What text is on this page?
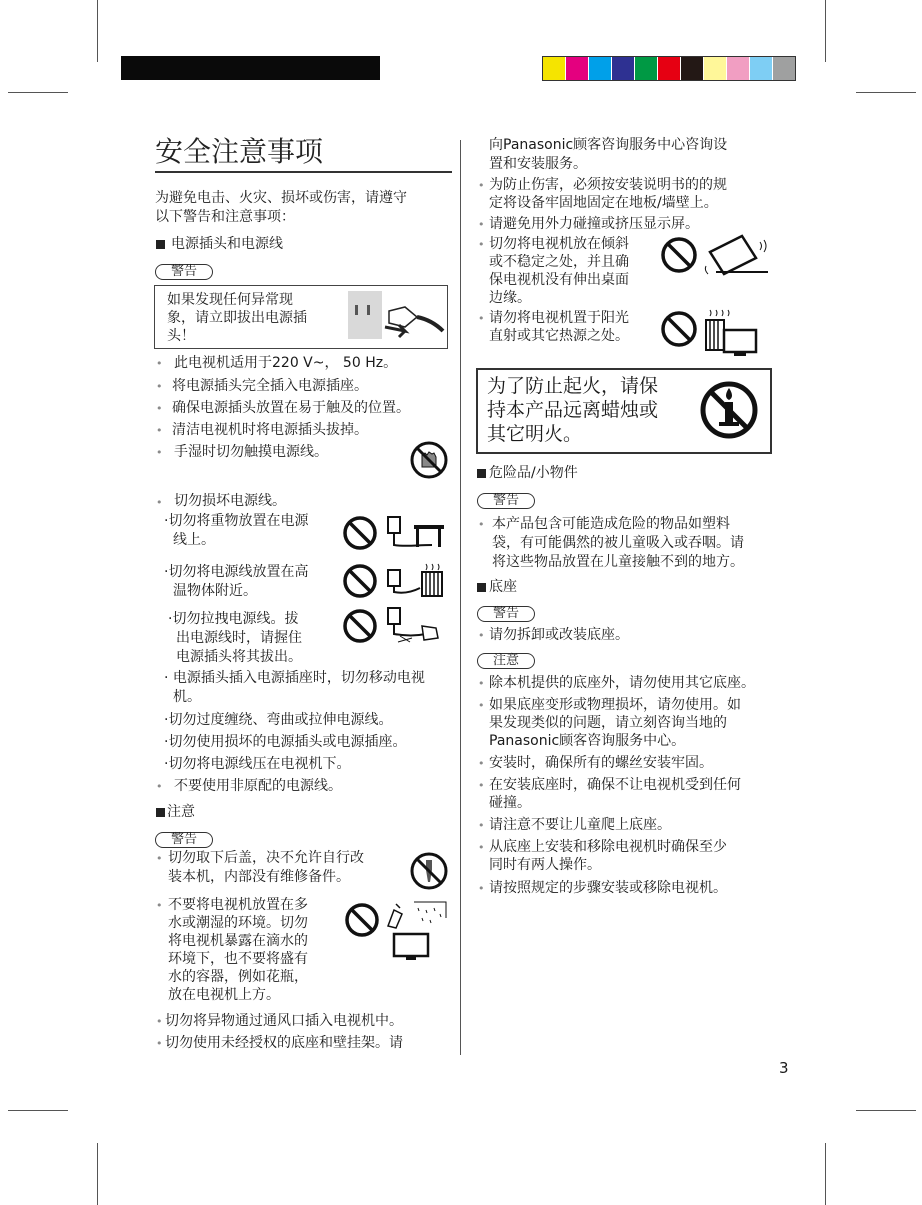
安全注意事项
为避免电击、火灾、损坏或伤害，请遵守
以下警告和注意事项：
电源插头和电源线
警告
如果发现任何异常现
象，请立即拔出电源插
头！
• 此电视机适用于220 V~， 50 Hz。
• 将电源插头完全插入电源插座。
• 确保电源插头放置在易于触及的位置。
• 清洁电视机时将电源插头拔掉。
• 手湿时切勿触摸电源线。
• 切勿损坏电源线。
·切勿将重物放置在电源
线上。
·切勿将电源线放置在高
温物体附近。
·切勿拉拽电源线。拔
出电源线时，请握住
电源插头将其拔出。
· 电源插头插入电源插座时，切勿移动电视
机。
·切勿过度缠绕、弯曲或拉伸电源线。
·切勿使用损坏的电源插头或电源插座。
·切勿将电源线压在电视机下。
• 不要使用非原配的电源线。
注意
警告
• 切勿取下后盖，决不允许自行改
装本机，内部没有维修备件。
• 不要将电视机放置在多
水或潮湿的环境。切勿
将电视机暴露在滴水的
环境下，也不要将盛有
水的容器，例如花瓶，
放在电视机上方。
• 切勿将异物通过通风口插入电视机中。
• 切勿使用未经授权的底座和壁挂架。请
向Panasonic顾客咨询服务中心咨询设
置和安装服务。
• 为防止伤害，必须按安装说明书的的规
定将设备牢固地固定在地板/墙壁上。
• 请避免用外力碰撞或挤压显示屏。
• 切勿将电视机放在倾斜
或不稳定之处，并且确
保电视机没有伸出桌面
边缘。
• 请勿将电视机置于阳光
直射或其它热源之处。
为了防止起火，请保
持本产品远离蜡烛或
其它明火。
危险品/小物件
警告
• 本产品包含可能造成危险的物品如塑料
袋，有可能偶然的被儿童吸入或吞咽。请
将这些物品放置在儿童接触不到的地方。
底座
警告
• 请勿拆卸或改装底座。
注意
• 除本机提供的底座外，请勿使用其它底座。
• 如果底座变形或物理损坏，请勿使用。如
果发现类似的问题，请立刻咨询当地的
Panasonic顾客咨询服务中心。
• 安装时，确保所有的螺丝安装牢固。
• 在安装底座时，确保不让电视机受到任何
碰撞。
• 请注意不要让儿童爬上底座。
• 从底座上安装和移除电视机时确保至少
同时有两人操作。
• 请按照规定的步骤安装或移除电视机。
3
